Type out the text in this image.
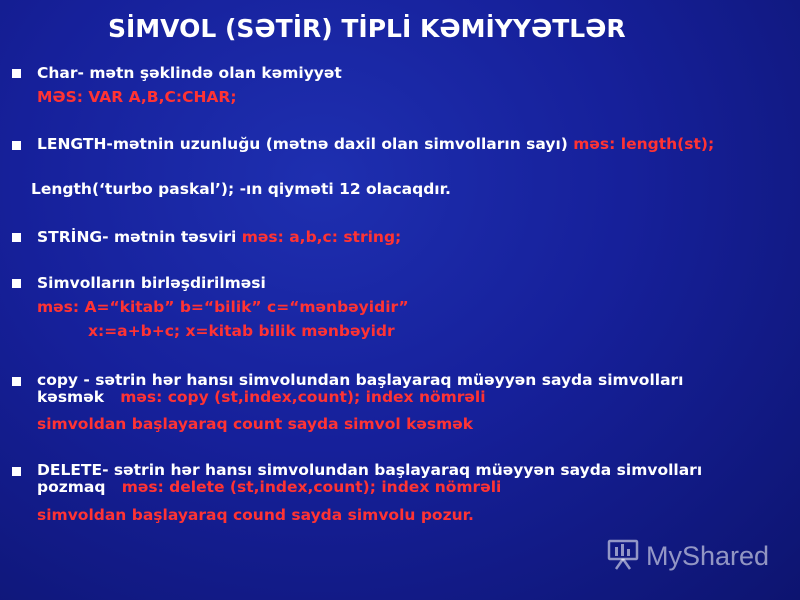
SİMVOL (SƏTİR) TİPLİ KƏMİYYƏTLƏR
Char- mətn şəklində olan kəmiyyət
MƏS: VAR A,B,C:CHAR;
LENGTH-mətnin uzunluğu (mətnə daxil olan simvolların sayı) məs: length(st);
Length(‘turbo paskal’); -ın qiyməti 12 olacaqdır.
STRİNG- mətnin təsviri məs: a,b,c: string;
Simvolların birləşdirilməsi
məs: A=“kitab” b=“bilik” c=“mənbəyidir”
x:=a+b+c; x=kitab bilik mənbəyidr
copy - sətrin hər hansı simvolundan başlayaraq müəyyən sayda simvolları kəsmək məs: copy (st,index,count); index nömrəli
simvoldan başlayaraq count sayda simvol kəsmək
DELETE- sətrin hər hansı simvolundan başlayaraq müəyyən sayda simvolları pozmaq məs: delete (st,index,count); index nömrəli
simvoldan başlayaraq cound sayda simvolu pozur.
MyShared
